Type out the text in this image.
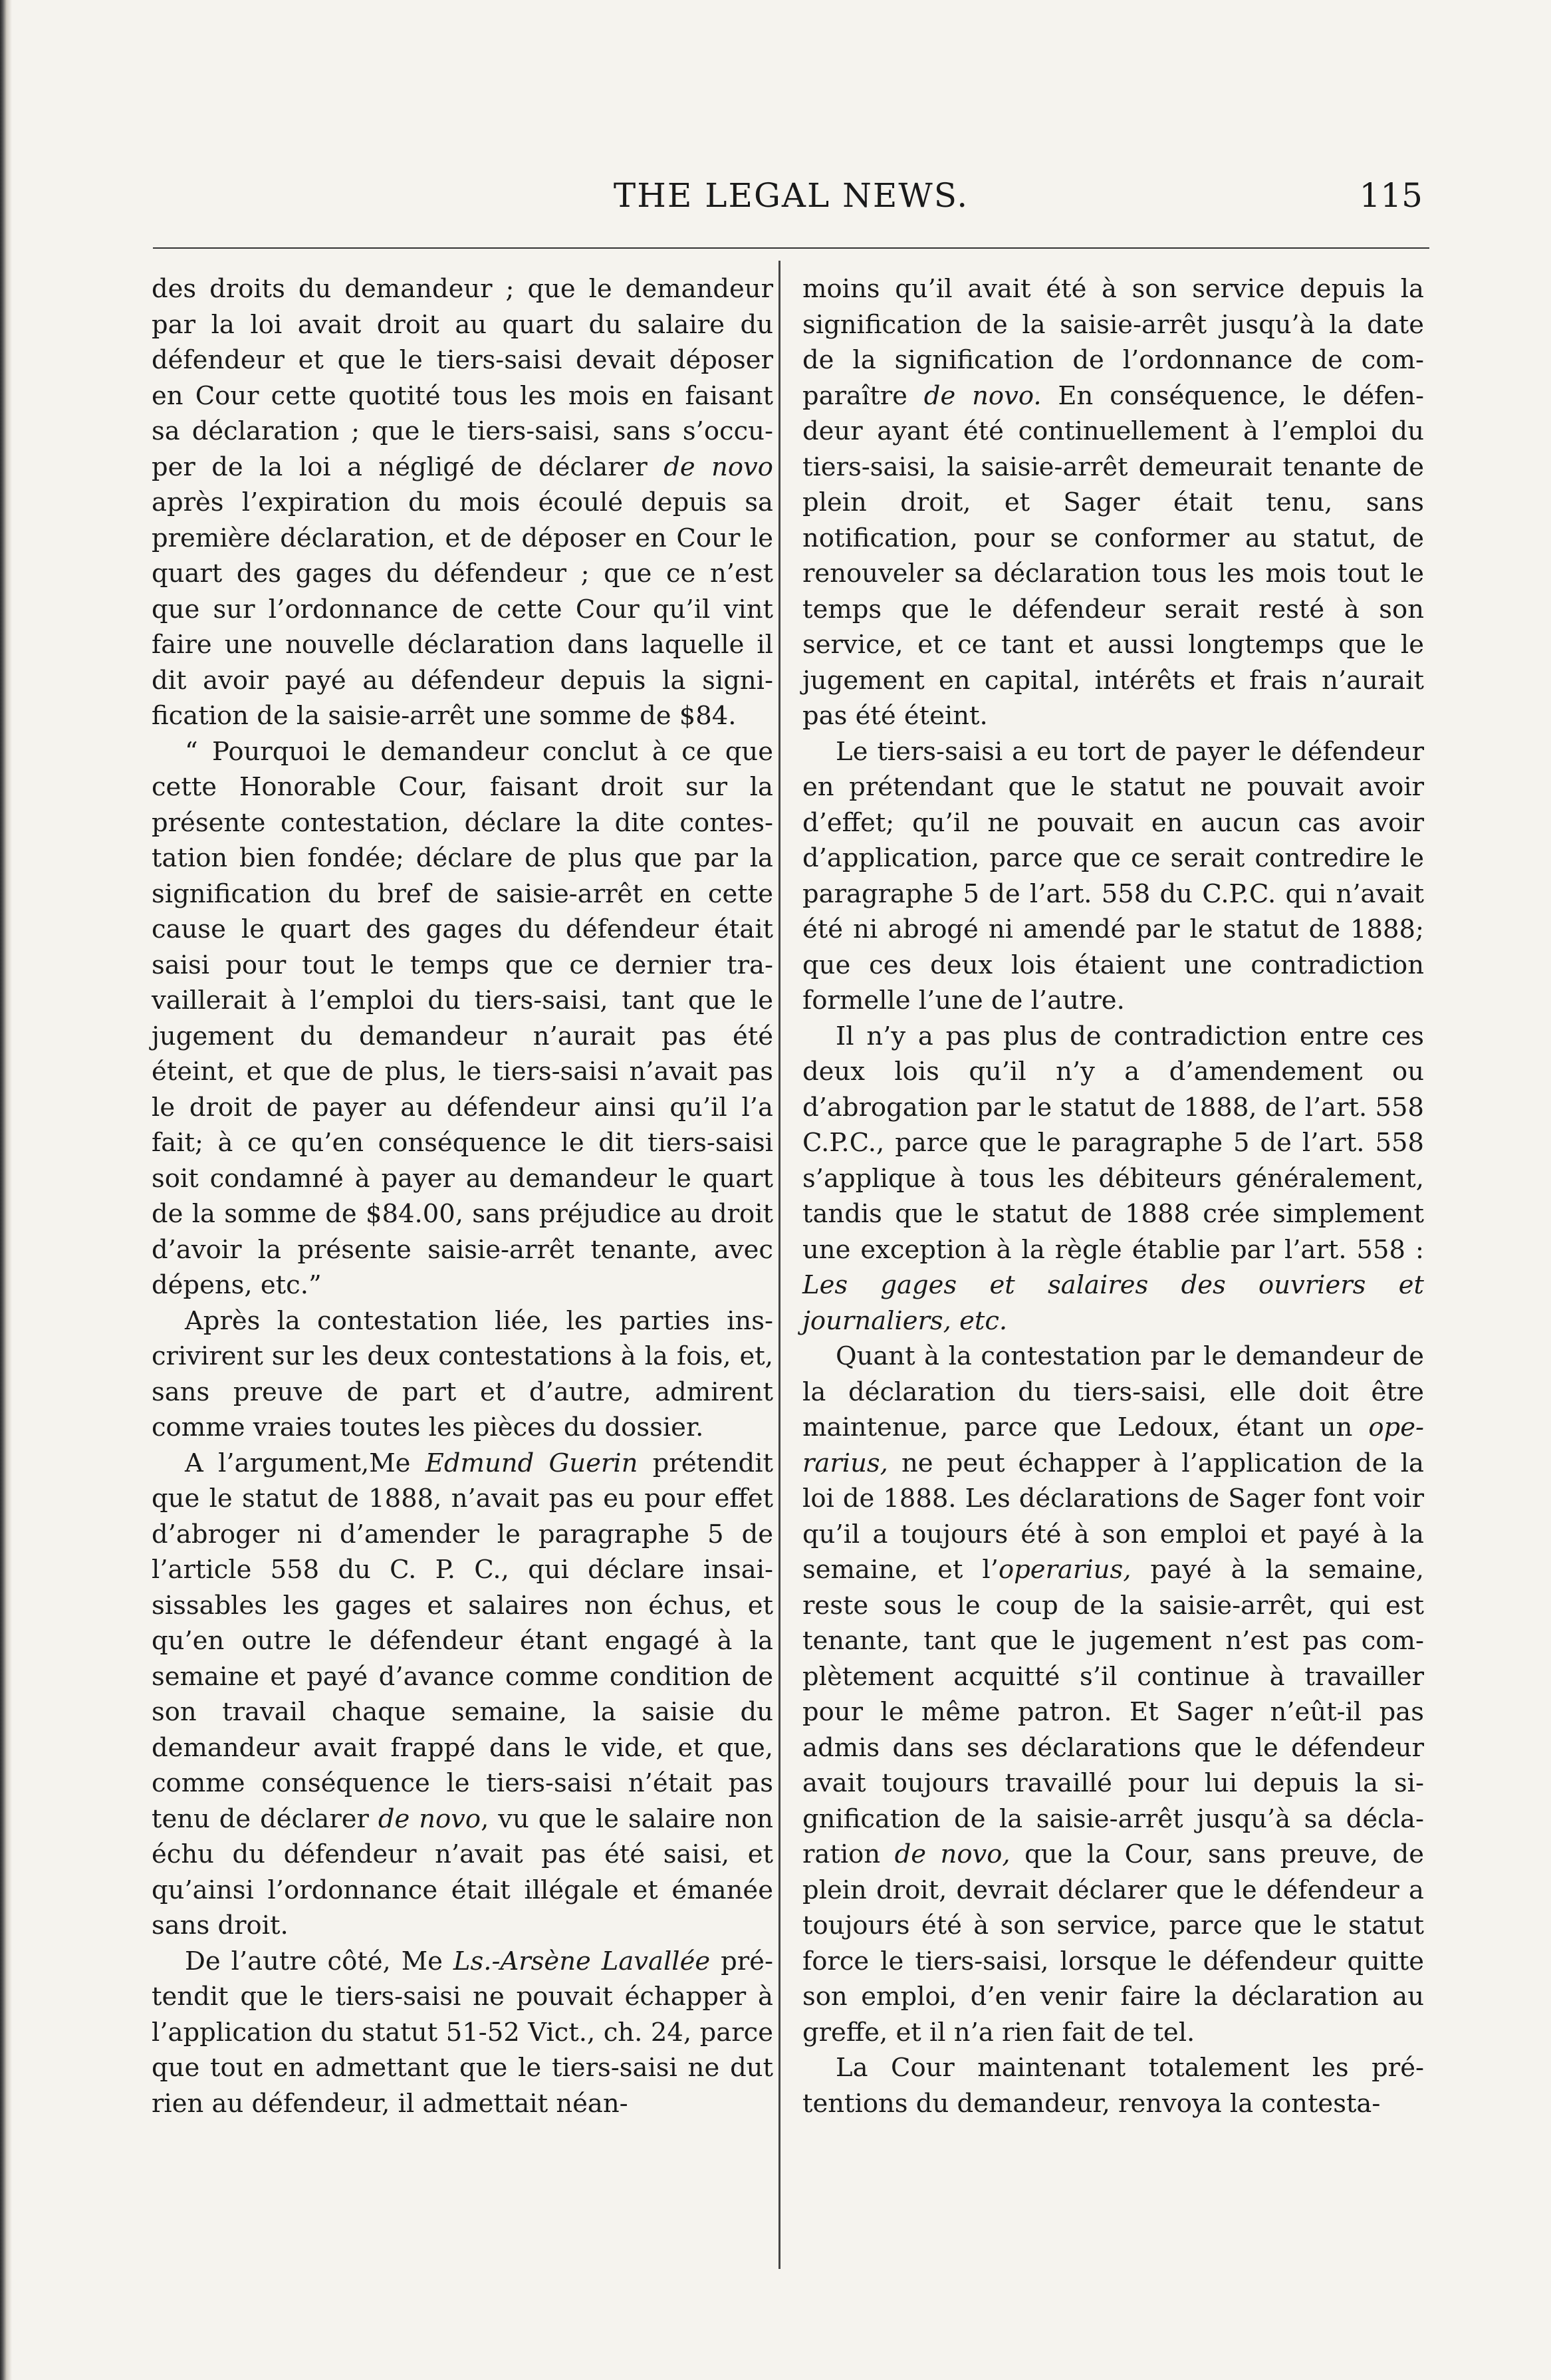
THE LEGAL NEWS.	115

des droits du demandeur ; que le demandeur par la loi avait droit au quart du salaire du défendeur et que le tiers-saisi devait déposer en Cour cette quotité tous les mois en faisant sa déclaration ; que le tiers-saisi, sans s’occuper de la loi a négligé de déclarer de novo après l’expiration du mois écoulé depuis sa première déclaration, et de déposer en Cour le quart des gages du défendeur ; que ce n’est que sur l’ordonnance de cette Cour qu’il vint faire une nouvelle déclaration dans laquelle il dit avoir payé au défendeur depuis la signification de la saisie-arrêt une somme de $84.

“ Pourquoi le demandeur conclut à ce que cette Honorable Cour, faisant droit sur la présente contestation, déclare la dite contestation bien fondée; déclare de plus que par la signification du bref de saisie-arrêt en cette cause le quart des gages du défendeur était saisi pour tout le temps que ce dernier travaillerait à l’emploi du tiers-saisi, tant que le jugement du demandeur n’aurait pas été éteint, et que de plus, le tiers-saisi n’avait pas le droit de payer au défendeur ainsi qu’il l’a fait; à ce qu’en conséquence le dit tiers-saisi soit condamné à payer au demandeur le quart de la somme de $84.00, sans préjudice au droit d’avoir la présente saisie-arrêt tenante, avec dépens, etc.”

Après la contestation liée, les parties inscrivirent sur les deux contestations à la fois, et, sans preuve de part et d’autre, admirent comme vraies toutes les pièces du dossier.

A l’argument,Me Edmund Guerin prétendit que le statut de 1888, n’avait pas eu pour effet d’abroger ni d’amender le paragraphe 5 de l’article 558 du C. P. C., qui déclare insaisissables les gages et salaires non échus, et qu’en outre le défendeur étant engagé à la semaine et payé d’avance comme condition de son travail chaque semaine, la saisie du demandeur avait frappé dans le vide, et que, comme conséquence le tiers-saisi n’était pas tenu de déclarer de novo, vu que le salaire non échu du défendeur n’avait pas été saisi, et qu’ainsi l’ordonnance était illégale et émanée sans droit.

De l’autre côté, Me Ls.-Arsène Lavallée prétendit que le tiers-saisi ne pouvait échapper à l’application du statut 51-52 Vict., ch. 24, parce que tout en admettant que le tiers-saisi ne dut rien au défendeur, il admettait néan-

moins qu’il avait été à son service depuis la signification de la saisie-arrêt jusqu’à la date de la signification de l’ordonnance de comparaître de novo. En conséquence, le défendeur ayant été continuellement à l’emploi du tiers-saisi, la saisie-arrêt demeurait tenante de plein droit, et Sager était tenu, sans notification, pour se conformer au statut, de renouveler sa déclaration tous les mois tout le temps que le défendeur serait resté à son service, et ce tant et aussi longtemps que le jugement en capital, intérêts et frais n’aurait pas été éteint.

Le tiers-saisi a eu tort de payer le défendeur en prétendant que le statut ne pouvait avoir d’effet; qu’il ne pouvait en aucun cas avoir d’application, parce que ce serait contredire le paragraphe 5 de l’art. 558 du C.P.C. qui n’avait été ni abrogé ni amendé par le statut de 1888; que ces deux lois étaient une contradiction formelle l’une de l’autre.

Il n’y a pas plus de contradiction entre ces deux lois qu’il n’y a d’amendement ou d’abrogation par le statut de 1888, de l’art. 558 C.P.C., parce que le paragraphe 5 de l’art. 558 s’applique à tous les débiteurs généralement, tandis que le statut de 1888 crée simplement une exception à la règle établie par l’art. 558 : Les gages et salaires des ouvriers et journaliers, etc.

Quant à la contestation par le demandeur de la déclaration du tiers-saisi, elle doit être maintenue, parce que Ledoux, étant un operarius, ne peut échapper à l’application de la loi de 1888. Les déclarations de Sager font voir qu’il a toujours été à son emploi et payé à la semaine, et l’operarius, payé à la semaine, reste sous le coup de la saisie-arrêt, qui est tenante, tant que le jugement n’est pas complètement acquitté s’il continue à travailler pour le même patron. Et Sager n’eût-il pas admis dans ses déclarations que le défendeur avait toujours travaillé pour lui depuis la signification de la saisie-arrêt jusqu’à sa déclaration de novo, que la Cour, sans preuve, de plein droit, devrait déclarer que le défendeur a toujours été à son service, parce que le statut force le tiers-saisi, lorsque le défendeur quitte son emploi, d’en venir faire la déclaration au greffe, et il n’a rien fait de tel.

La Cour maintenant totalement les prétentions du demandeur, renvoya la contesta-
